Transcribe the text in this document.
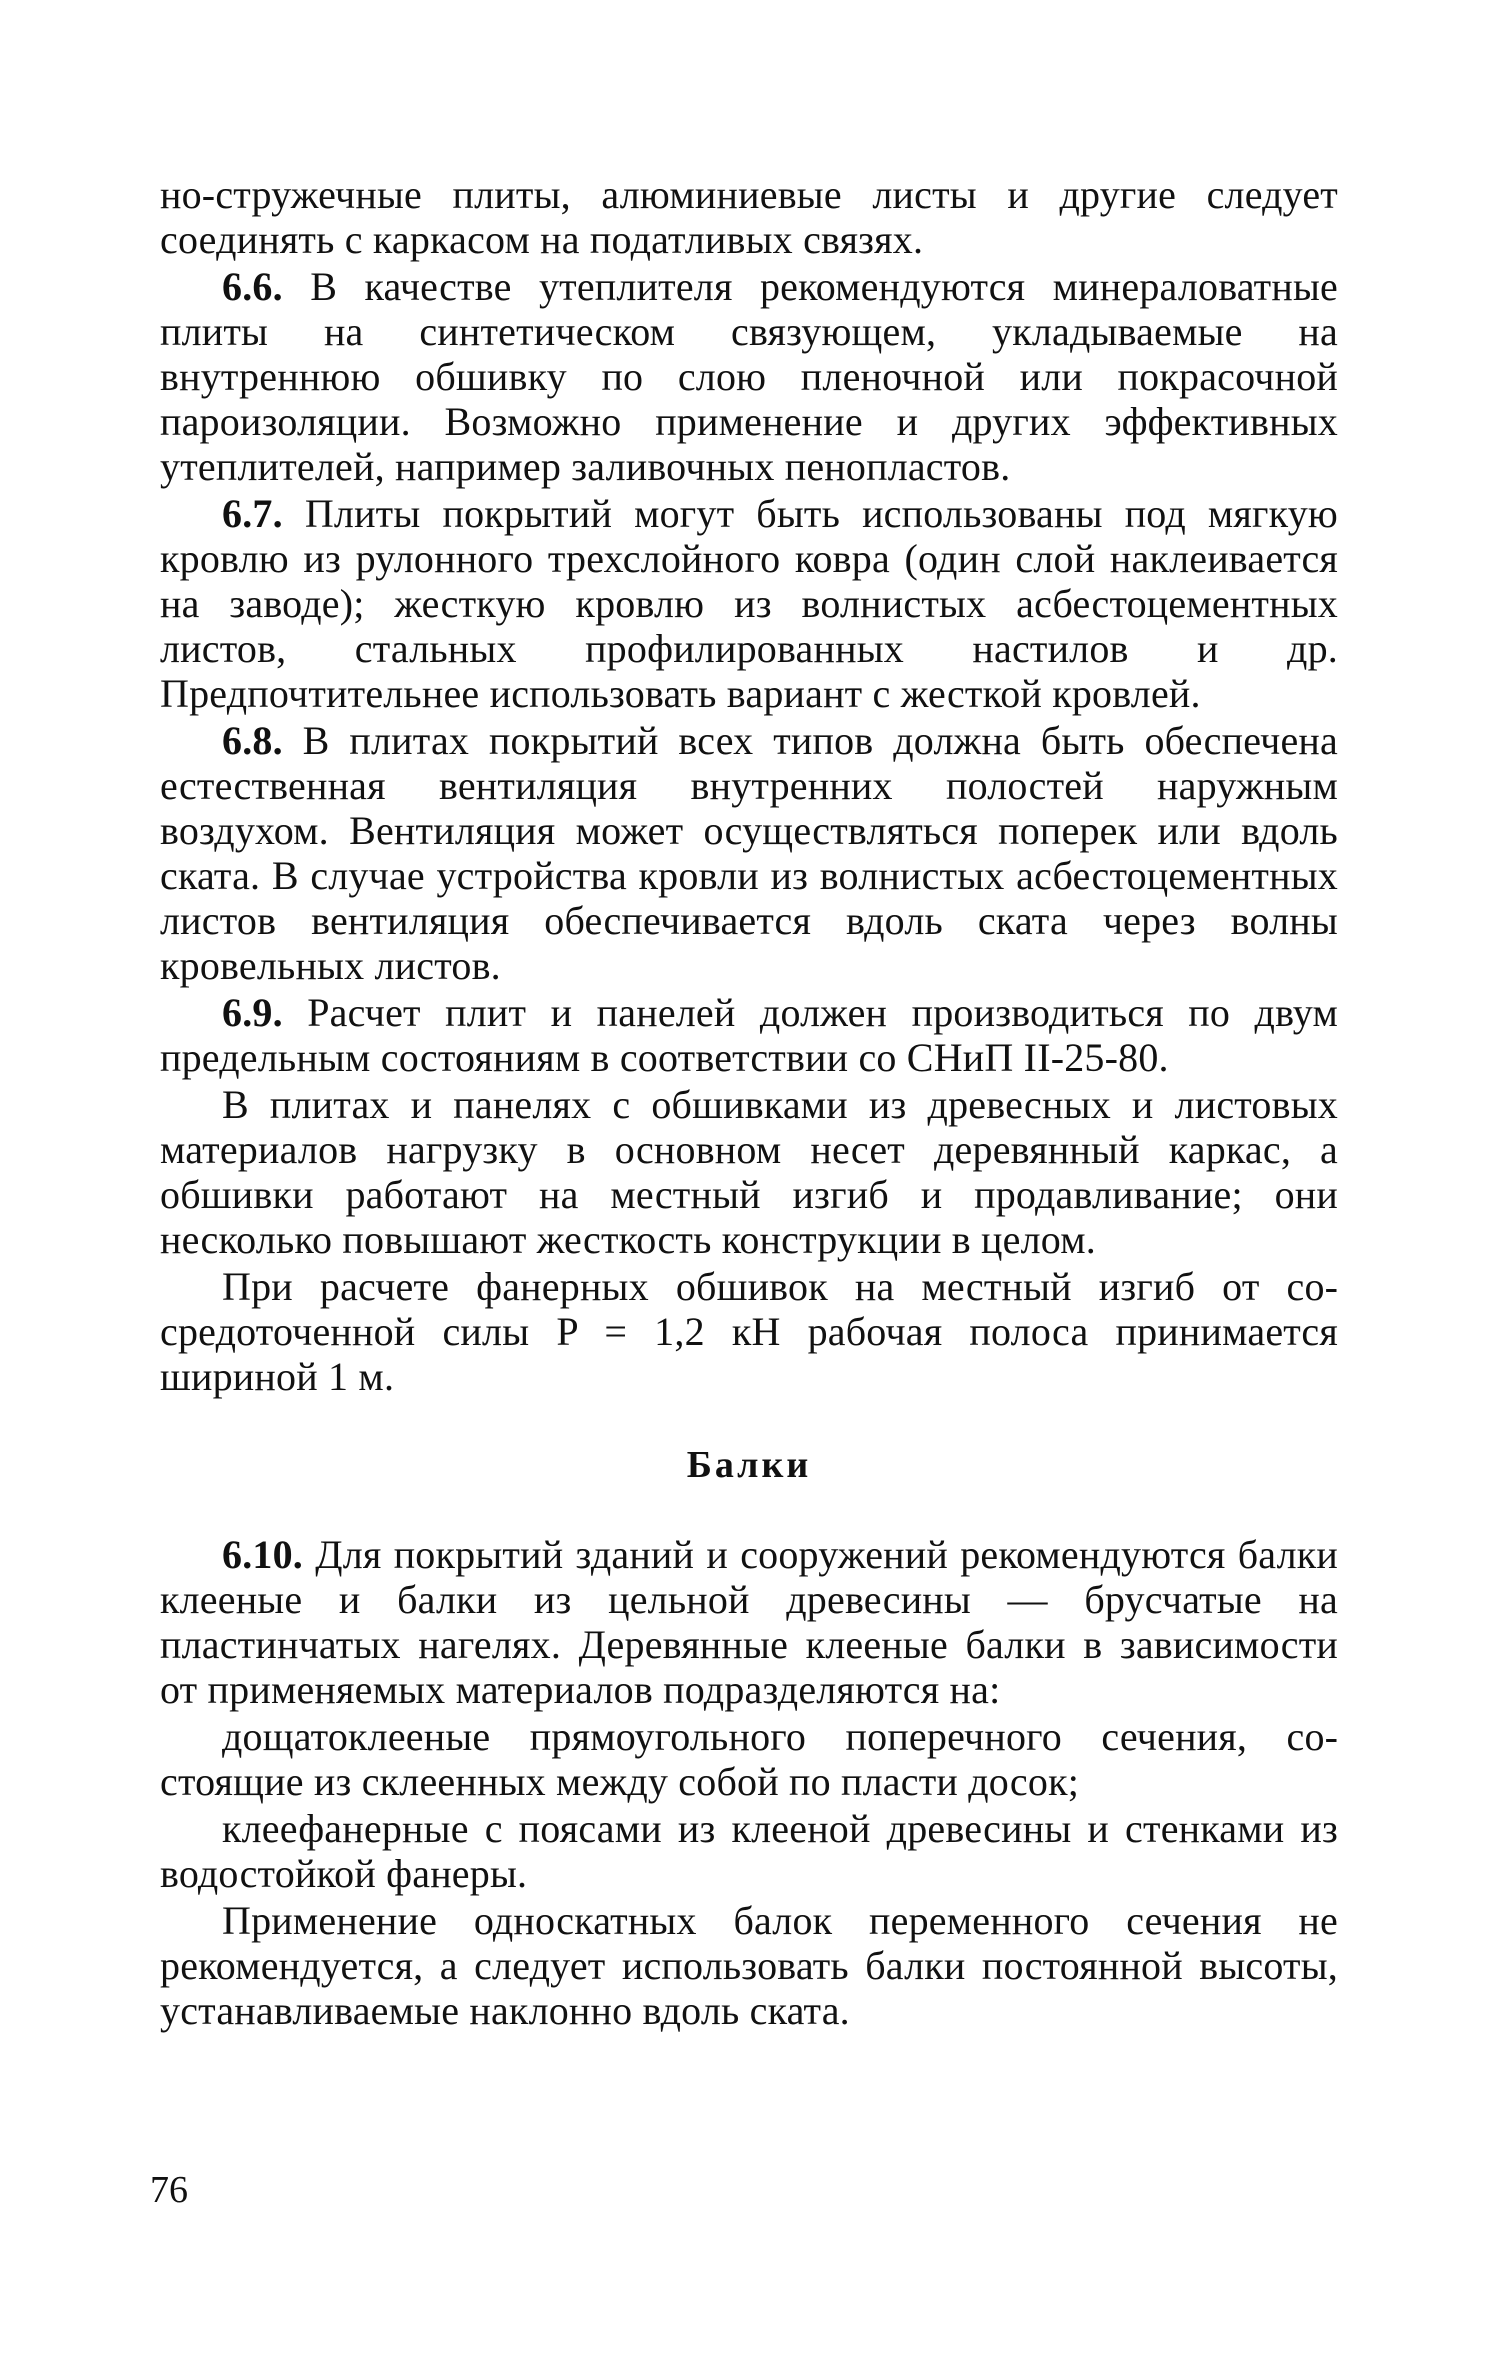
но-стружечные плиты, алюминиевые листы и другие следует соединять с каркасом на податливых связях.

6.6. В качестве утеплителя рекомендуются минераловатные плиты на синтетическом связующем, укладываемые на внутреннюю обшивку по слою пленочной или покрасочной пароизоляции. Возможно применение и других эффективных утеплителей, например заливочных пенопластов.

6.7. Плиты покрытий могут быть использованы под мягкую кровлю из рулонного трехслойного ковра (один слой наклеивается на заводе); жесткую кровлю из волнистых асбестоцементных листов, стальных профилированных настилов и др. Предпочтительнее использовать вариант с жесткой кровлей.

6.8. В плитах покрытий всех типов должна быть обеспечена естественная вентиляция внутренних полостей наружным воздухом. Вентиляция может осуществляться поперек или вдоль ската. В случае устройства кровли из волнистых асбестоцементных листов вентиляция обеспечивается вдоль ската через волны кровельных листов.

6.9. Расчет плит и панелей должен производиться по двум предельным состояниям в соответствии со СНиП II-25-80.

В плитах и панелях с обшивками из древесных и листовых материалов нагрузку в основном несет деревянный каркас, а обшивки работают на местный изгиб и продавливание; они несколько повышают жесткость конструкции в целом.

При расчете фанерных обшивок на местный изгиб от сосредоточенной силы P = 1,2 кН рабочая полоса принимается шириной 1 м.

Балки

6.10. Для покрытий зданий и сооружений рекомендуются балки клееные и балки из цельной древесины — брусчатые на пластинчатых нагелях. Деревянные клееные балки в зависимости от применяемых материалов подразделяются на:

дощатоклееные прямоугольного поперечного сечения, состоящие из склеенных между собой по пласти досок;

клеефанерные с поясами из клееной древесины и стенками из водостойкой фанеры.

Применение односкатных балок переменного сечения не рекомендуется, а следует использовать балки постоянной высоты, устанавливаемые наклонно вдоль ската.

76
